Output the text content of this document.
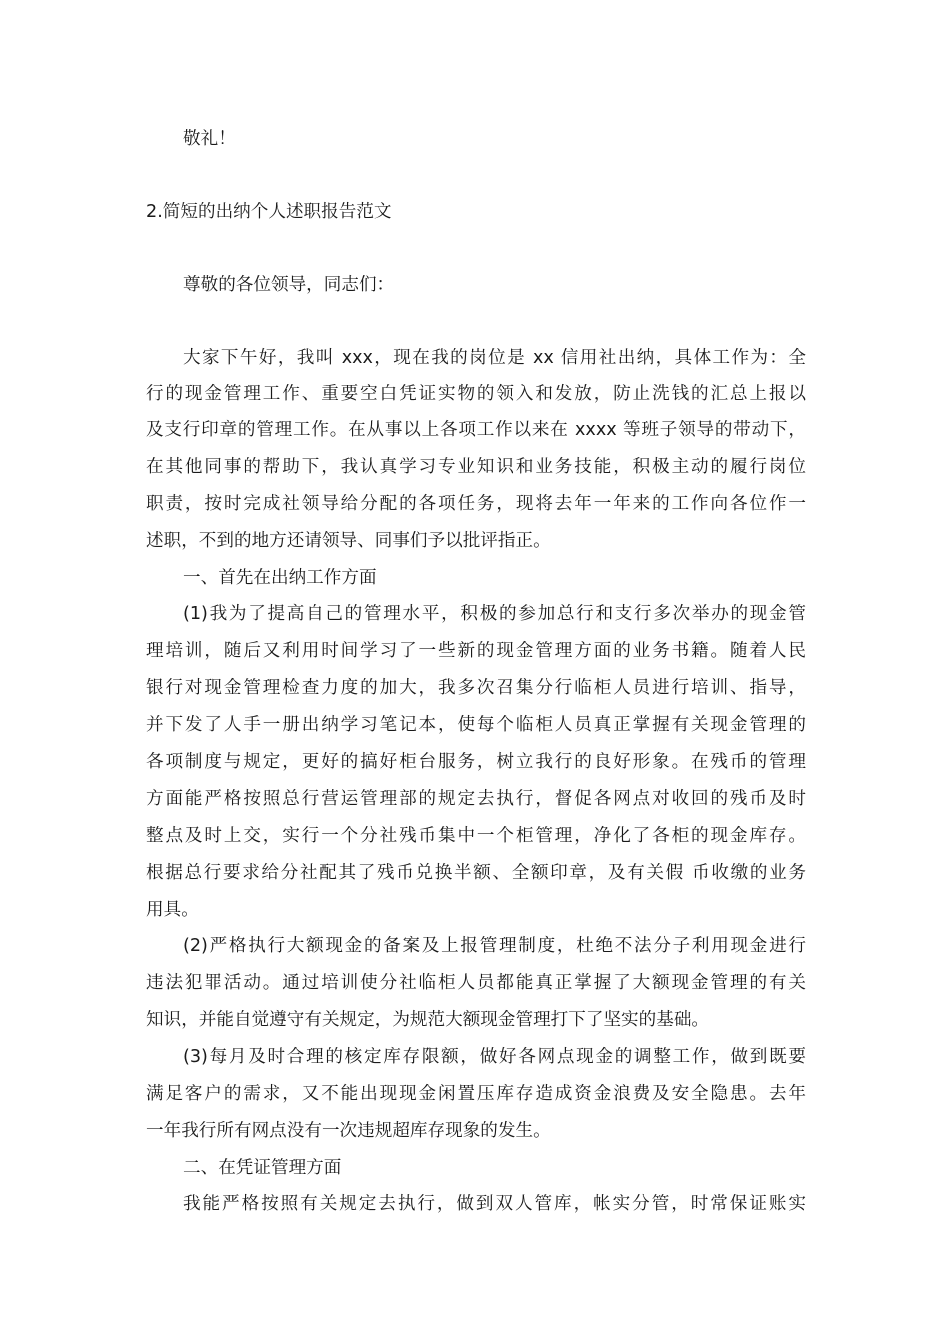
敬礼！
2.简短的出纳个人述职报告范文
尊敬的各位领导，同志们：
大家下午好，我叫 xxx，现在我的岗位是 xx 信用社出纳，具体工作为：全
行的现金管理工作、重要空白凭证实物的领入和发放，防止洗钱的汇总上报以
及支行印章的管理工作。在从事以上各项工作以来在 xxxx 等班子领导的带动下，
在其他同事的帮助下，我认真学习专业知识和业务技能，积极主动的履行岗位
职责，按时完成社领导给分配的各项任务，现将去年一年来的工作向各位作一
述职，不到的地方还请领导、同事们予以批评指正。
一、首先在出纳工作方面
(1)我为了提高自己的管理水平，积极的参加总行和支行多次举办的现金管
理培训，随后又利用时间学习了一些新的现金管理方面的业务书籍。随着人民
银行对现金管理检查力度的加大，我多次召集分行临柜人员进行培训、指导，
并下发了人手一册出纳学习笔记本，使每个临柜人员真正掌握有关现金管理的
各项制度与规定，更好的搞好柜台服务，树立我行的良好形象。在残币的管理
方面能严格按照总行营运管理部的规定去执行，督促各网点对收回的残币及时
整点及时上交，实行一个分社残币集中一个柜管理，净化了各柜的现金库存。
根据总行要求给分社配其了残币兑换半额、全额印章，及有关假 币收缴的业务
用具。
(2)严格执行大额现金的备案及上报管理制度，杜绝不法分子利用现金进行
违法犯罪活动。通过培训使分社临柜人员都能真正掌握了大额现金管理的有关
知识，并能自觉遵守有关规定，为规范大额现金管理打下了坚实的基础。
(3)每月及时合理的核定库存限额，做好各网点现金的调整工作，做到既要
满足客户的需求，又不能出现现金闲置压库存造成资金浪费及安全隐患。去年
一年我行所有网点没有一次违规超库存现象的发生。
二、在凭证管理方面
我能严格按照有关规定去执行，做到双人管库，帐实分管，时常保证账实
